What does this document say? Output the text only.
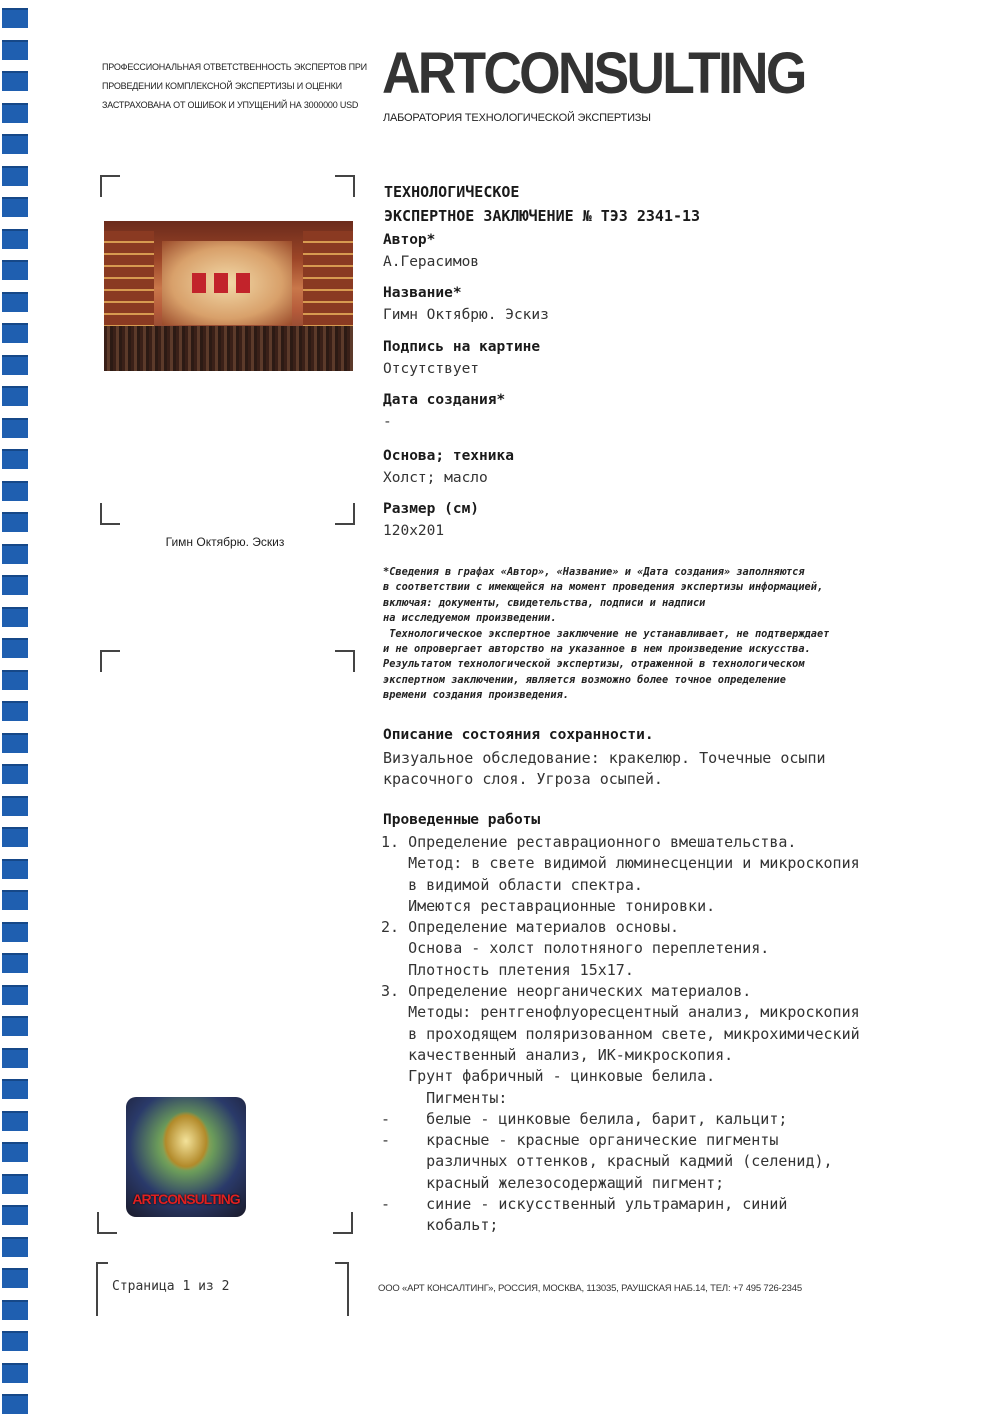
ПРОФЕССИОНАЛЬНАЯ ОТВЕТСТВЕННОСТЬ ЭКСПЕРТОВ ПРИ
ПРОВЕДЕНИИ КОМПЛЕКСНОЙ ЭКСПЕРТИЗЫ И ОЦЕНКИ
ЗАСТРАХОВАНА ОТ ОШИБОК И УПУЩЕНИЙ НА 3000000 USD ARTCONSULTING
ЛАБОРАТОРИЯ ТЕХНОЛОГИЧЕСКОЙ ЭКСПЕРТИЗЫ
Гимн Октябрю. Эскиз
ARTCONSULTING
Страница 1 из 2	ООО «АРТ КОНСАЛТИНГ», РОССИЯ, МОСКВА, 113035, РАУШСКАЯ НАБ.14, ТЕЛ: +7 495 726-2345
ТЕХНОЛОГИЧЕСКОЕ
ЭКСПЕРТНОЕ ЗАКЛЮЧЕНИЕ № ТЭЗ 2341-13
Автор*
А.Герасимов
Название*
Гимн Октябрю. Эскиз
Подпись на картине
Отсутствует
Дата создания*
-
Основа; техника
Холст; масло
Размер (см)
120x201
*Сведения в графах «Автор», «Название» и «Дата создания» заполняются
в соответствии с имеющейся на момент проведения экспертизы информацией,
включая: документы, свидетельства, подписи и надписи
на исследуемом произведении.
Технологическое экспертное заключение не устанавливает, не подтверждает
и не опровергает авторство на указанное в нем произведение искусства.
Результатом технологической экспертизы, отраженной в технологическом
экспертном заключении, является возможно более точное определение
времени создания произведения.
Описание состояния сохранности.
Визуальное обследование: кракелюр. Точечные осыпи
красочного слоя. Угроза осыпей.
Проведенные работы
1. Определение реставрационного вмешательства.
Метод: в свете видимой люминесценции и микроскопия
в видимой области спектра.
Имеются реставрационные тонировки.
2. Определение материалов основы.
Основа - холст полотняного переплетения.
Плотность плетения 15x17.
3. Определение неорганических материалов.
Методы: рентгенофлуоресцентный анализ, микроскопия
в проходящем поляризованном свете, микрохимический
качественный анализ, ИК-микроскопия.
Грунт фабричный - цинковые белила.
Пигменты:
-    белые - цинковые белила, барит, кальцит;
-    красные - красные органические пигменты
различных оттенков, красный кадмий (селенид),
красный железосодержащий пигмент;
-    синие - искусственный ультрамарин, синий
кобальт;
